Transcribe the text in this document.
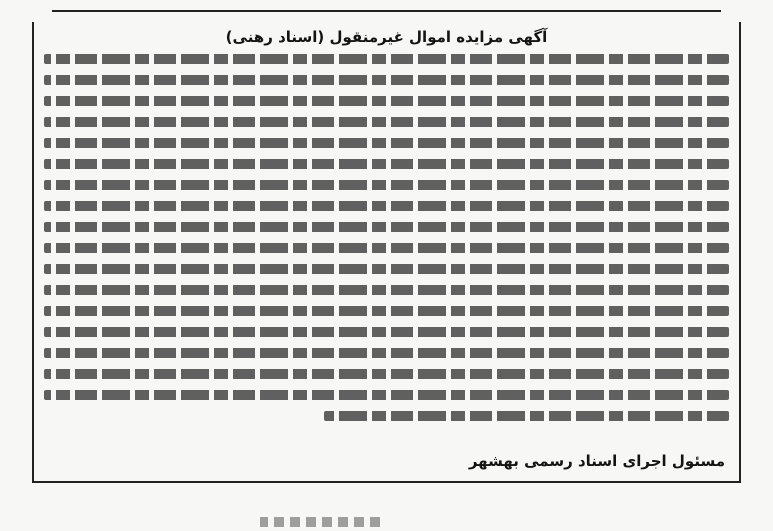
آگهی مزایده اموال غیرمنقول (اسناد رهنی)
مسئول اجرای اسناد رسمی بهشهر
